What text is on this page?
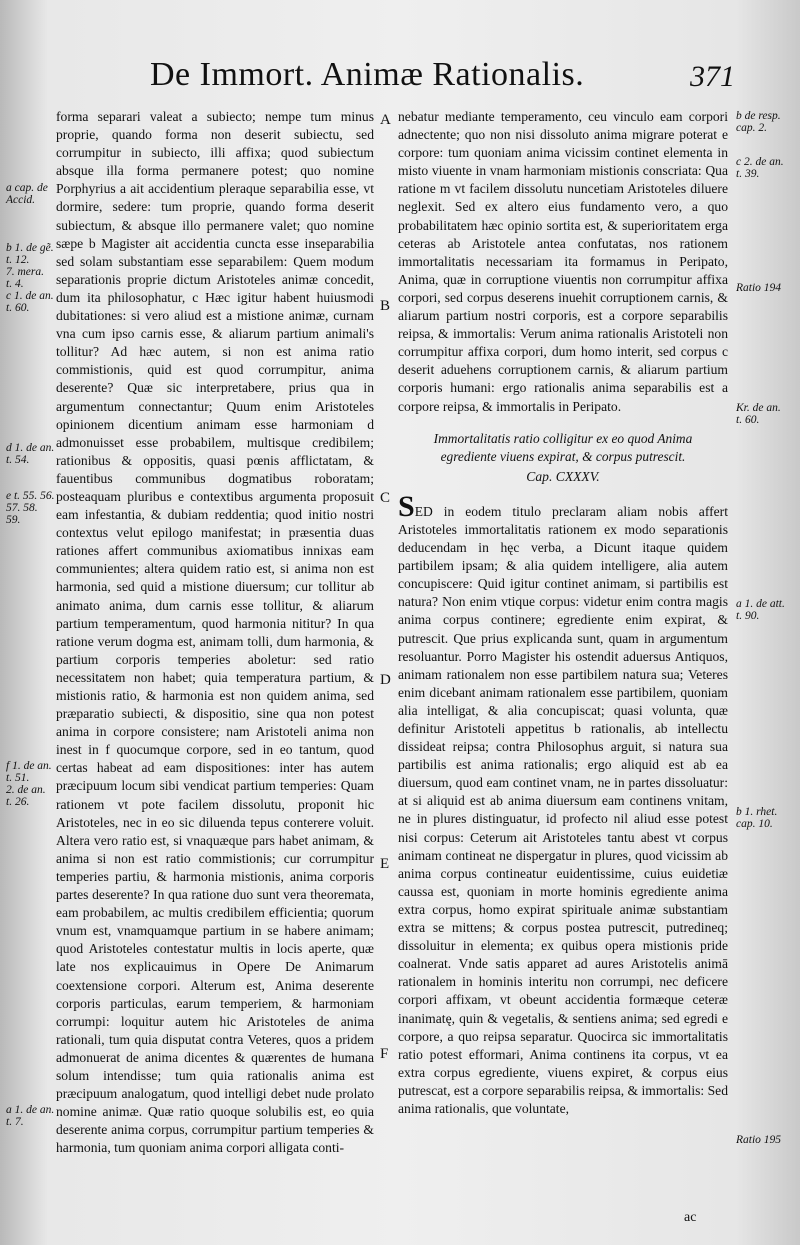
De Immort. Animæ Rationalis.	371
a cap. de
Accid.
b 1. de gẽ.
t. 12.
7. mera.
t. 4.
c 1. de an.
t. 60.
d 1. de an.
t. 54.
e t. 55. 56.
57. 58.
59.
f 1. de an.
t. 51.
2. de an.
t. 26.
a 1. de an.
t. 7.
A
B
C
D
E
F

forma separari valeat a subiecto; nempe tum minus proprie, quando forma non deserit subiectu, sed corrumpitur in subiecto, illi affixa; quod subiectum absque illa forma permanere potest; quo nomine Porphyrius a ait accidentium pleraque separabilia esse, vt dormire, sedere: tum proprie, quando forma deserit subiectum, & absque illo permanere valet; quo nomine sæpe b Magister ait accidentia cuncta esse inseparabilia sed solam substantiam esse separabilem: Quem modum separationis proprie dictum Aristoteles animæ concedit, dum ita philosophatur, c Hæc igitur habent huiusmodi dubitationes: si vero aliud est a mistione animæ, curnam vna cum ipso carnis esse, & aliarum partium animali's tollitur? Ad hæc autem, si non est anima ratio commistionis, quid est quod corrumpitur, anima deserente? Quæ sic interpretabere, prius qua in argumentum connectantur; Quum enim Aristoteles opinionem dicentium animam esse harmoniam d admonuisset esse probabilem, multisque credibilem; rationibus & oppositis, quasi pœnis afflictatam, & fauentibus communibus dogmatibus roboratam; posteaquam pluribus e contextibus argumenta proposuit eam infestantia, & dubiam reddentia; quod initio nostri contextus velut epilogo manifestat; in præsentia duas rationes affert communibus axiomatibus innixas eam communientes; altera quidem ratio est, si anima non est harmonia, sed quid a mistione diuersum; cur tollitur ab animato anima, dum carnis esse tollitur, & aliarum partium temperamentum, quod harmonia nititur? In qua ratione verum dogma est, animam tolli, dum harmonia, & partium corporis temperies aboletur: sed ratio necessitatem non habet; quia temperatura partium, & mistionis ratio, & harmonia est non quidem anima, sed præparatio subiecti, & dispositio, sine qua non potest anima in corpore consistere; nam Aristoteli anima non inest in f quocumque corpore, sed in eo tantum, quod certas habeat ad eam dispositiones: inter has autem præcipuum locum sibi vendicat partium temperies: Quam rationem vt pote facilem dissolutu, proponit hic Aristoteles, nec in eo sic diluenda tepus conterere voluit. Altera vero ratio est, si vnaquæque pars habet animam, & anima si non est ratio commistionis; cur corrumpitur temperies partiu, & harmonia mistionis, anima corporis partes deserente? In qua ratione duo sunt vera theoremata, eam probabilem, ac multis credibilem efficientia; quorum vnum est, vnamquamque partium in se habere animam; quod Aristoteles contestatur multis in locis aperte, quæ late nos explicauimus in Opere De Animarum coextensione corpori. Alterum est, Anima deserente corporis particulas, earum temperiem, & harmoniam corrumpi: loquitur autem hic Aristoteles de anima rationali, tum quia disputat contra Veteres, quos a pridem admonuerat de anima dicentes & quærentes de humana solum intendisse; tum quia rationalis anima est præcipuum analogatum, quod intelligi debet nude prolato nomine animæ. Quæ ratio quoque solubilis est, eo quia deserente anima corpus, corrumpitur partium temperies & harmonia, tum quoniam anima corpori alligata conti-

nebatur mediante temperamento, ceu vinculo eam corpori adnectente; quo non nisi dissoluto anima migrare poterat e corpore: tum quoniam anima vicissim continet elementa in misto viuente in vnam harmoniam mistionis conscriata: Qua ratione m vt facilem dissolutu nuncetiam Aristoteles diluere neglexit. Sed ex altero eius fundamento vero, a quo probabilitatem hæc opinio sortita est, & superioritatem erga ceteras ab Aristotele antea confutatas, nos rationem immortalitatis necessariam ita formamus in Peripato, Anima, quæ in corruptione viuentis non corrumpitur affixa corpori, sed corpus deserens inuehit corruptionem carnis, & aliarum partium nostri corporis, est a corpore separabilis reipsa, & immortalis: Verum anima rationalis Aristoteli non corrumpitur affixa corpori, dum homo interit, sed corpus c deserit aduehens corruptionem carnis, & aliarum partium corporis humani: ergo rationalis anima separabilis est a corpore reipsa, & immortalis in Peripato.

Immortalitatis ratio colligitur ex eo quod Anima egrediente viuens expirat, & corpus putrescit.

Cap. CXXXV.

SED in eodem titulo preclaram aliam nobis affert Aristoteles immortalitatis rationem ex modo separationis deducendam in hęc verba, a Dicunt itaque quidem partibilem ipsam; & alia quidem intelligere, alia autem concupiscere: Quid igitur continet animam, si partibilis est natura? Non enim vtique corpus: videtur enim contra magis anima corpus continere; egrediente enim expirat, & putrescit. Que prius explicanda sunt, quam in argumentum resoluantur. Porro Magister his ostendit aduersus Antiquos, animam rationalem non esse partibilem natura sua; Veteres enim dicebant animam rationalem esse partibilem, quoniam alia intelligat, & alia concupiscat; quasi volunta, quæ definitur Aristoteli appetitus b rationalis, ab intellectu dissideat reipsa; contra Philosophus arguit, si natura sua partibilis est anima rationalis; ergo aliquid est ab ea diuersum, quod eam continet vnam, ne in partes dissoluatur: at si aliquid est ab anima diuersum eam continens vnitam, ne in plures distinguatur, id profecto nil aliud esse potest nisi corpus: Ceterum ait Aristoteles tantu abest vt corpus animam contineat ne dispergatur in plures, quod vicissim ab anima corpus contineatur euidentissime, cuius euidetiæ caussa est, quoniam in morte hominis egrediente anima extra corpus, homo expirat spirituale animæ substantiam extra se mittens; & corpus postea putrescit, putredineq; dissoluitur in elementa; ex quibus opera mistionis pride coalnerat. Vnde satis apparet ad aures Aristotelis animā rationalem in hominis interitu non corrumpi, nec deficere corpori affixam, vt obeunt accidentia formæque ceteræ inanimatę, quin & vegetalis, & sentiens anima; sed egredi e corpore, a quo reipsa separatur. Quocirca sic immortalitatis ratio potest efformari, Anima continens ita corpus, vt ea extra corpus egrediente, viuens expiret, & corpus eius putrescat, est a corpore separabilis reipsa, & immortalis: Sed anima rationalis, que voluntate,

b de resp.
cap. 2.
c 2. de an.
t. 39.
Ratio 194
Kr. de an.
t. 60.
a 1. de att.
t. 90.
b 1. rhet.
cap. 10.
Ratio 195
ac
